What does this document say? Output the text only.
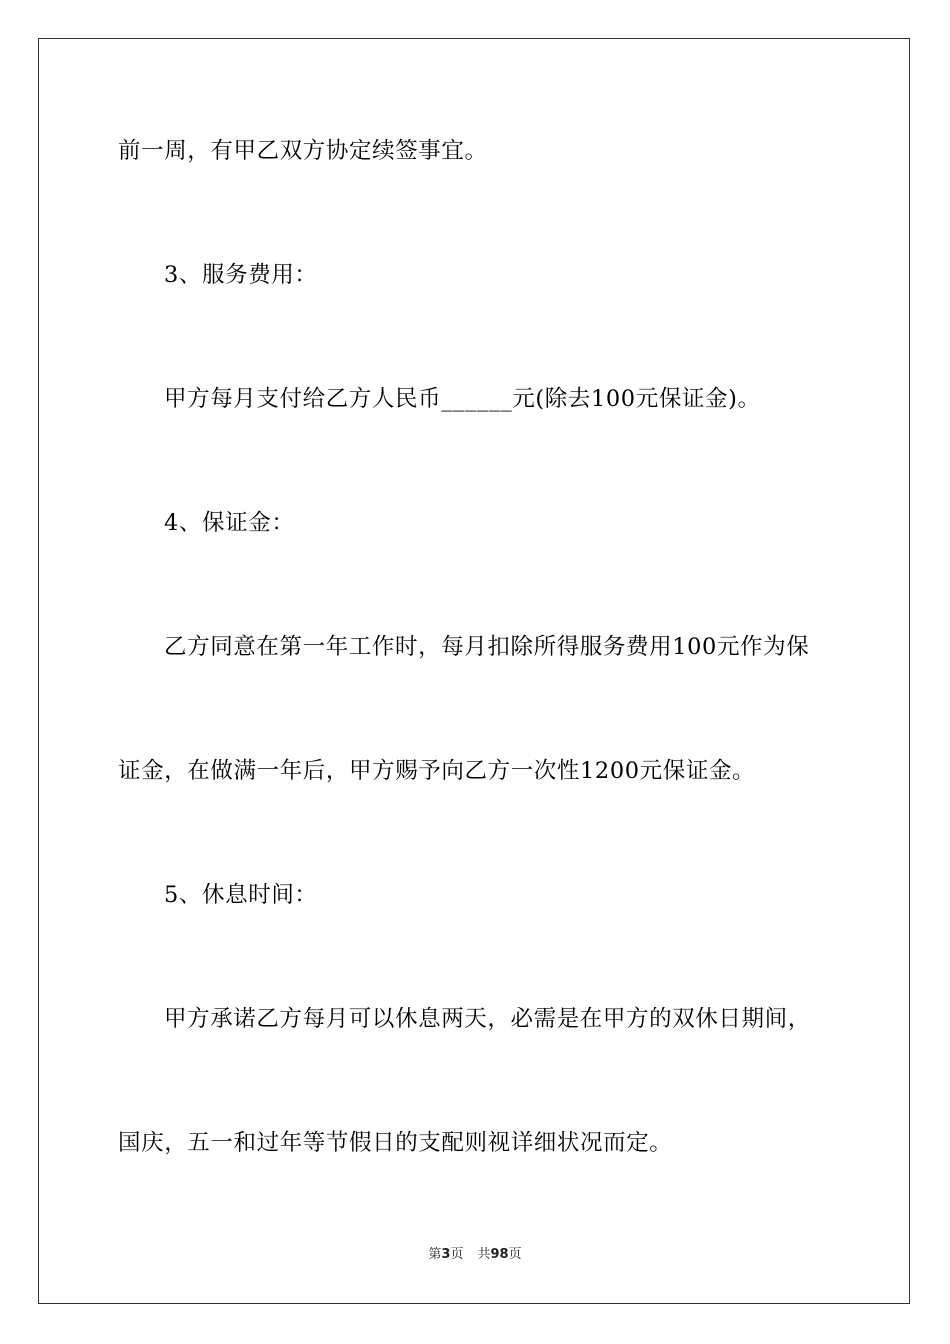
前一周，有甲乙双方协定续签事宜。
3、服务费用：
甲方每月支付给乙方人民币______元(除去100元保证金)。
4、保证金：
乙方同意在第一年工作时，每月扣除所得服务费用100元作为保
证金，在做满一年后，甲方赐予向乙方一次性1200元保证金。
5、休息时间：
甲方承诺乙方每月可以休息两天，必需是在甲方的双休日期间，
国庆，五一和过年等节假日的支配则视详细状况而定。
第3页 共98页
